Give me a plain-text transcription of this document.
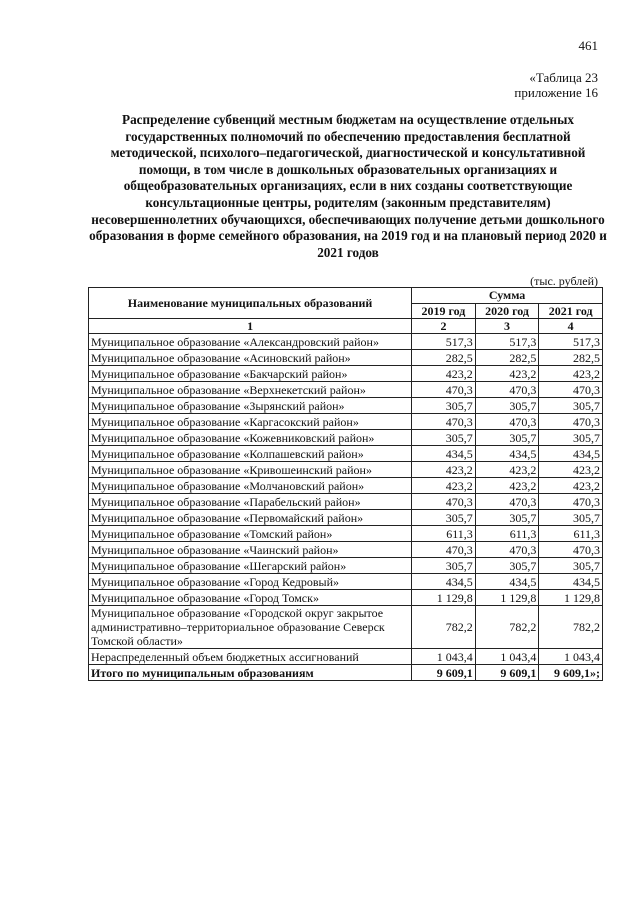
461
«Таблица 23
приложение 16
Распределение субвенций местным бюджетам на осуществление отдельных государственных полномочий по обеспечению предоставления бесплатной методической, психолого–педагогической, диагностической и консультативной помощи, в том числе в дошкольных образовательных организациях и общеобразовательных организациях, если в них созданы соответствующие консультационные центры, родителям (законным представителям) несовершеннолетних обучающихся, обеспечивающих получение детьми дошкольного образования в форме семейного образования, на 2019 год и на плановый период 2020 и 2021 годов
(тыс. рублей)
Наименование муниципальных образований	Сумма		
	2019 год	2020 год	2021 год
1	2	3	4
Муниципальное образование «Александровский район»	517,3	517,3	517,3
Муниципальное образование «Асиновский район»	282,5	282,5	282,5
Муниципальное образование «Бакчарский район»	423,2	423,2	423,2
Муниципальное образование «Верхнекетский район»	470,3	470,3	470,3
Муниципальное образование «Зырянский район»	305,7	305,7	305,7
Муниципальное образование «Каргасокский район»	470,3	470,3	470,3
Муниципальное образование «Кожевниковский район»	305,7	305,7	305,7
Муниципальное образование «Колпашевский район»	434,5	434,5	434,5
Муниципальное образование «Кривошеинский район»	423,2	423,2	423,2
Муниципальное образование «Молчановский район»	423,2	423,2	423,2
Муниципальное образование «Парабельский район»	470,3	470,3	470,3
Муниципальное образование «Первомайский район»	305,7	305,7	305,7
Муниципальное образование «Томский район»	611,3	611,3	611,3
Муниципальное образование «Чаинский район»	470,3	470,3	470,3
Муниципальное образование «Шегарский район»	305,7	305,7	305,7
Муниципальное образование «Город Кедровый»	434,5	434,5	434,5
Муниципальное образование «Город Томск»	1 129,8	1 129,8	1 129,8
Муниципальное образование «Городской округ закрытое административно–территориальное образование Северск Томской области»	782,2	782,2	782,2
Нераспределенный объем бюджетных ассигнований	1 043,4	1 043,4	1 043,4
Итого по муниципальным образованиям	9 609,1	9 609,1	9 609,1»;
